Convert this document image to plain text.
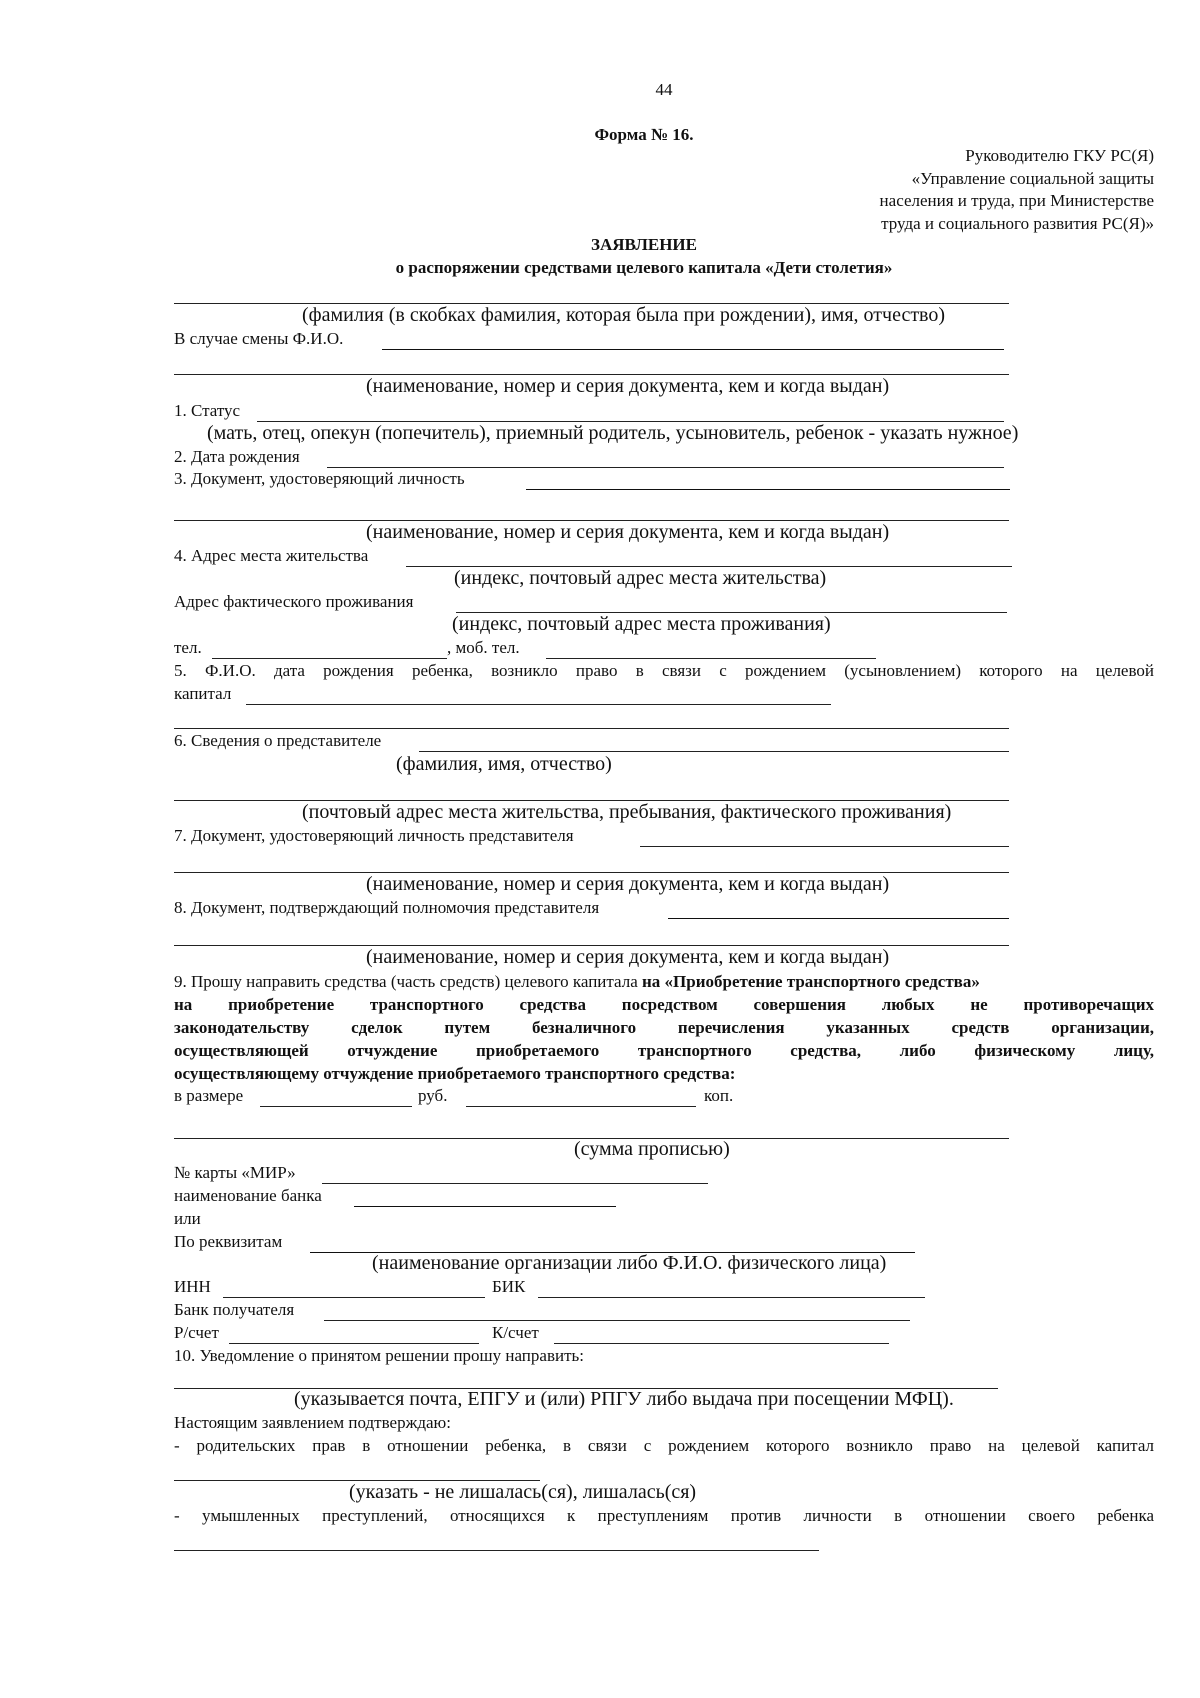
44
Форма № 16.
Руководителю ГКУ РС(Я)
«Управление социальной защиты
населения и труда, при Министерстве
труда и социального развития РС(Я)»
ЗАЯВЛЕНИЕ
о распоряжении средствами целевого капитала «Дети столетия»
(фамилия (в скобках фамилия, которая была при рождении), имя, отчество)
В случае смены Ф.И.О.
(наименование, номер и серия документа, кем и когда выдан)
1. Статус
(мать, отец, опекун (попечитель), приемный родитель, усыновитель, ребенок - указать нужное)
2. Дата рождения
3. Документ, удостоверяющий личность
(наименование, номер и серия документа, кем и когда выдан)
4. Адрес места жительства
(индекс, почтовый адрес места жительства)
Адрес фактического проживания
(индекс, почтовый адрес места проживания)
тел.	, моб. тел.
5. Ф.И.О. дата рождения ребенка, возникло право в связи с рождением (усыновлением) которого на целевой
капитал
6. Сведения о представителе
(фамилия, имя, отчество)
(почтовый адрес места жительства, пребывания, фактического проживания)
7. Документ, удостоверяющий личность представителя
(наименование, номер и серия документа, кем и когда выдан)
8. Документ, подтверждающий полномочия представителя
(наименование, номер и серия документа, кем и когда выдан)
9. Прошу направить средства (часть средств) целевого капитала на «Приобретение транспортного средства»
на приобретение транспортного средства посредством совершения любых не противоречащих
законодательству сделок путем безналичного перечисления указанных средств организации,
осуществляющей отчуждение приобретаемого транспортного средства, либо физическому лицу,
осуществляющему отчуждение приобретаемого транспортного средства:
в размере	руб.	коп.
(сумма прописью)
№ карты «МИР»
наименование банка
или
По реквизитам
(наименование организации либо Ф.И.О. физического лица)
ИНН	БИК
Банк получателя
Р/счет	К/счет
10. Уведомление о принятом решении прошу направить:
(указывается почта, ЕПГУ и (или) РПГУ либо выдача при посещении МФЦ).
Настоящим заявлением подтверждаю:
- родительских прав в отношении ребенка, в связи с рождением которого возникло право на целевой капитал
(указать - не лишалась(ся), лишалась(ся)
- умышленных преступлений, относящихся к преступлениям против личности в отношении своего ребенка
